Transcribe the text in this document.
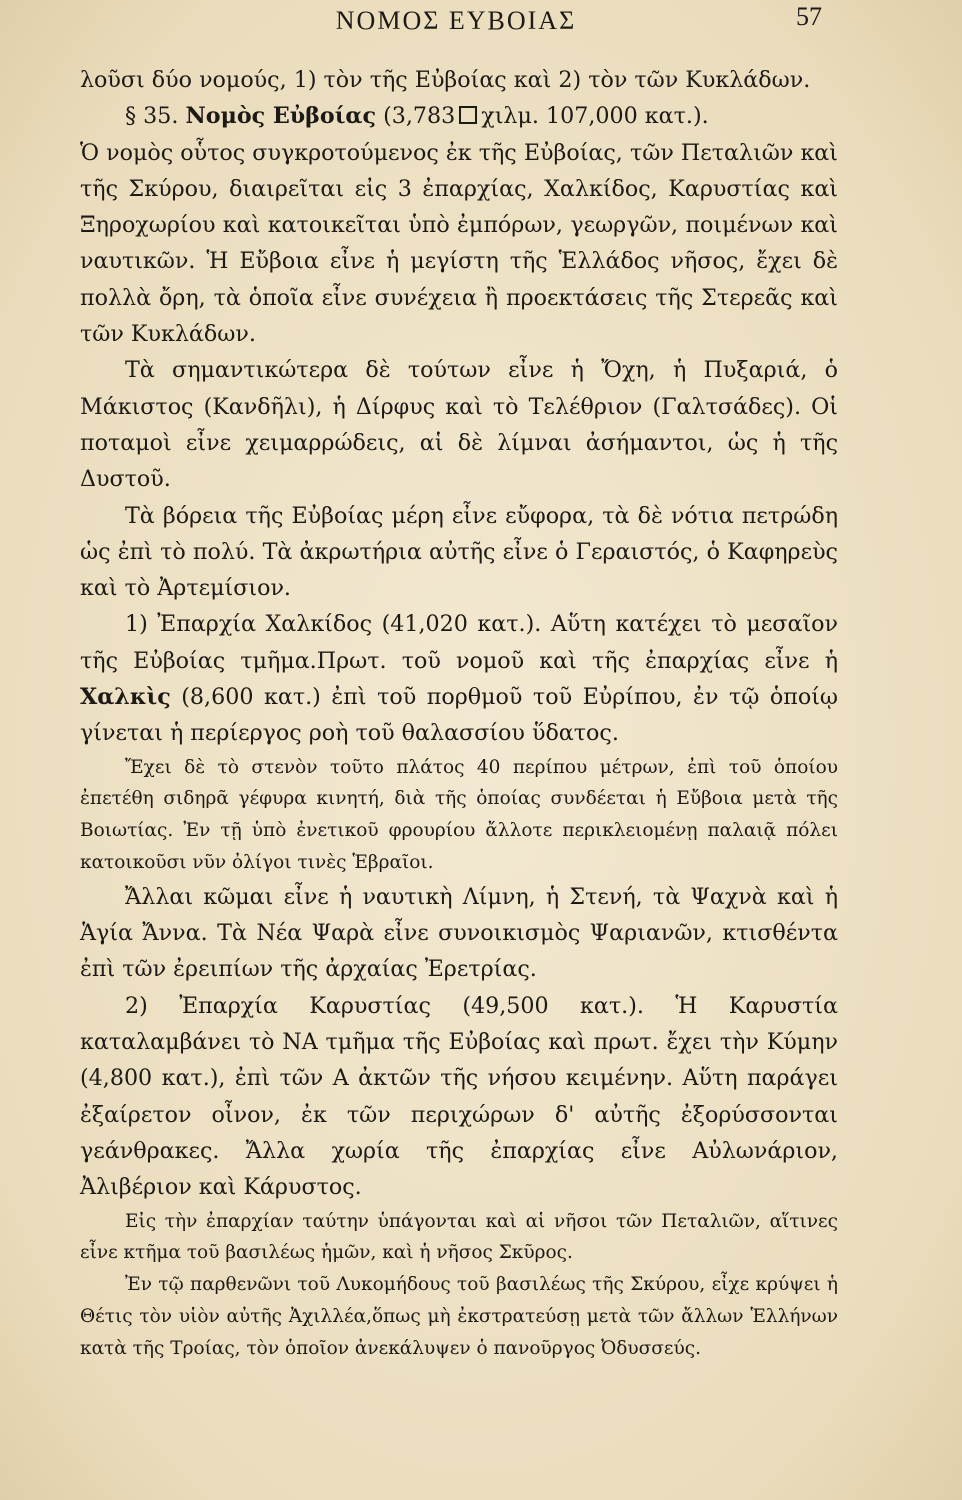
ΝΟΜΟΣ ΕΥΒΟΙΑΣ	57

λοῦσι δύο νομούς, 1) τὸν τῆς Εὐβοίας καὶ 2) τὸν τῶν Κυκλάδων.

§ 35. Νομὸς Εὐβοίας (3,783 χιλμ. 107,000 κατ.).

Ὁ νομὸς οὗτος συγκροτούμενος ἐκ τῆς Εὐβοίας, τῶν Πεταλιῶν καὶ τῆς Σκύρου, διαιρεῖται εἰς 3 ἐπαρχίας, Χαλκίδος, Καρυστίας καὶ Ξηροχωρίου καὶ κατοικεῖται ὑπὸ ἐμπόρων, γεωργῶν, ποιμένων καὶ ναυτικῶν. Ἡ Εὔβοια εἶνε ἡ μεγίστη τῆς Ἑλλάδος νῆσος, ἔχει δὲ πολλὰ ὄρη, τὰ ὁποῖα εἶνε συνέχεια ἢ προεκτάσεις τῆς Στερεᾶς καὶ τῶν Κυκλάδων.

Τὰ σημαντικώτερα δὲ τούτων εἶνε ἡ Ὄχη, ἡ Πυξαριά, ὁ Μάκιστος (Κανδῆλι), ἡ Δίρφυς καὶ τὸ Τελέθριον (Γαλτσάδες). Οἱ ποταμοὶ εἶνε χειμαρρώδεις, αἱ δὲ λίμναι ἀσήμαντοι, ὡς ἡ τῆς Δυστοῦ.

Τὰ βόρεια τῆς Εὐβοίας μέρη εἶνε εὔφορα, τὰ δὲ νότια πετρώδη ὡς ἐπὶ τὸ πολύ. Τὰ ἀκρωτήρια αὐτῆς εἶνε ὁ Γεραιστός, ὁ Καφηρεὺς καὶ τὸ Ἀρτεμίσιον.

1) Ἐπαρχία Χαλκίδος (41,020 κατ.). Αὕτη κατέχει τὸ μεσαῖον τῆς Εὐβοίας τμῆμα.Πρωτ. τοῦ νομοῦ καὶ τῆς ἐπαρχίας εἶνε ἡ Χαλκὶς (8,600 κατ.) ἐπὶ τοῦ πορθμοῦ τοῦ Εὐρίπου, ἐν τῷ ὁποίῳ γίνεται ἡ περίεργος ροὴ τοῦ θαλασσίου ὕδατος.

Ἔχει δὲ τὸ στενὸν τοῦτο πλάτος 40 περίπου μέτρων, ἐπὶ τοῦ ὁποίου ἐπετέθη σιδηρᾶ γέφυρα κινητή, διὰ τῆς ὁποίας συνδέεται ἡ Εὔβοια μετὰ τῆς Βοιωτίας. Ἐν τῇ ὑπὸ ἐνετικοῦ φρουρίου ἄλλοτε περικλειομένῃ παλαιᾷ πόλει κατοικοῦσι νῦν ὀλίγοι τινὲς Ἑβραῖοι.

Ἄλλαι κῶμαι εἶνε ἡ ναυτικὴ Λίμνη, ἡ Στενή, τὰ Ψαχνὰ καὶ ἡ Ἁγία Ἄννα. Τὰ Νέα Ψαρὰ εἶνε συνοικισμὸς Ψαριανῶν, κτισθέντα ἐπὶ τῶν ἐρειπίων τῆς ἀρχαίας Ἐρετρίας.

2) Ἐπαρχία Καρυστίας (49,500 κατ.). Ἡ Καρυστία καταλαμβάνει τὸ ΝΑ τμῆμα τῆς Εὐβοίας καὶ πρωτ. ἔχει τὴν Κύμην (4,800 κατ.), ἐπὶ τῶν Α ἀκτῶν τῆς νήσου κειμένην. Αὕτη παράγει ἐξαίρετον οἶνον, ἐκ τῶν περιχώρων δ' αὐτῆς ἐξορύσσονται γεάνθρακες. Ἄλλα χωρία τῆς ἐπαρχίας εἶνε Αὐλωνάριον, Ἀλιβέριον καὶ Κάρυστος.

Εἰς τὴν ἐπαρχίαν ταύτην ὑπάγονται καὶ αἱ νῆσοι τῶν Πεταλιῶν, αἵτινες εἶνε κτῆμα τοῦ βασιλέως ἡμῶν, καὶ ἡ νῆσος Σκῦρος.

Ἐν τῷ παρθενῶνι τοῦ Λυκομήδους τοῦ βασιλέως τῆς Σκύρου, εἶχε κρύψει ἡ Θέτις τὸν υἱὸν αὐτῆς Ἀχιλλέα,ὅπως μὴ ἐκστρατεύσῃ μετὰ τῶν ἄλλων Ἑλλήνων κατὰ τῆς Τροίας, τὸν ὁποῖον ἀνεκάλυψεν ὁ πανοῦργος Ὀδυσσεύς.
